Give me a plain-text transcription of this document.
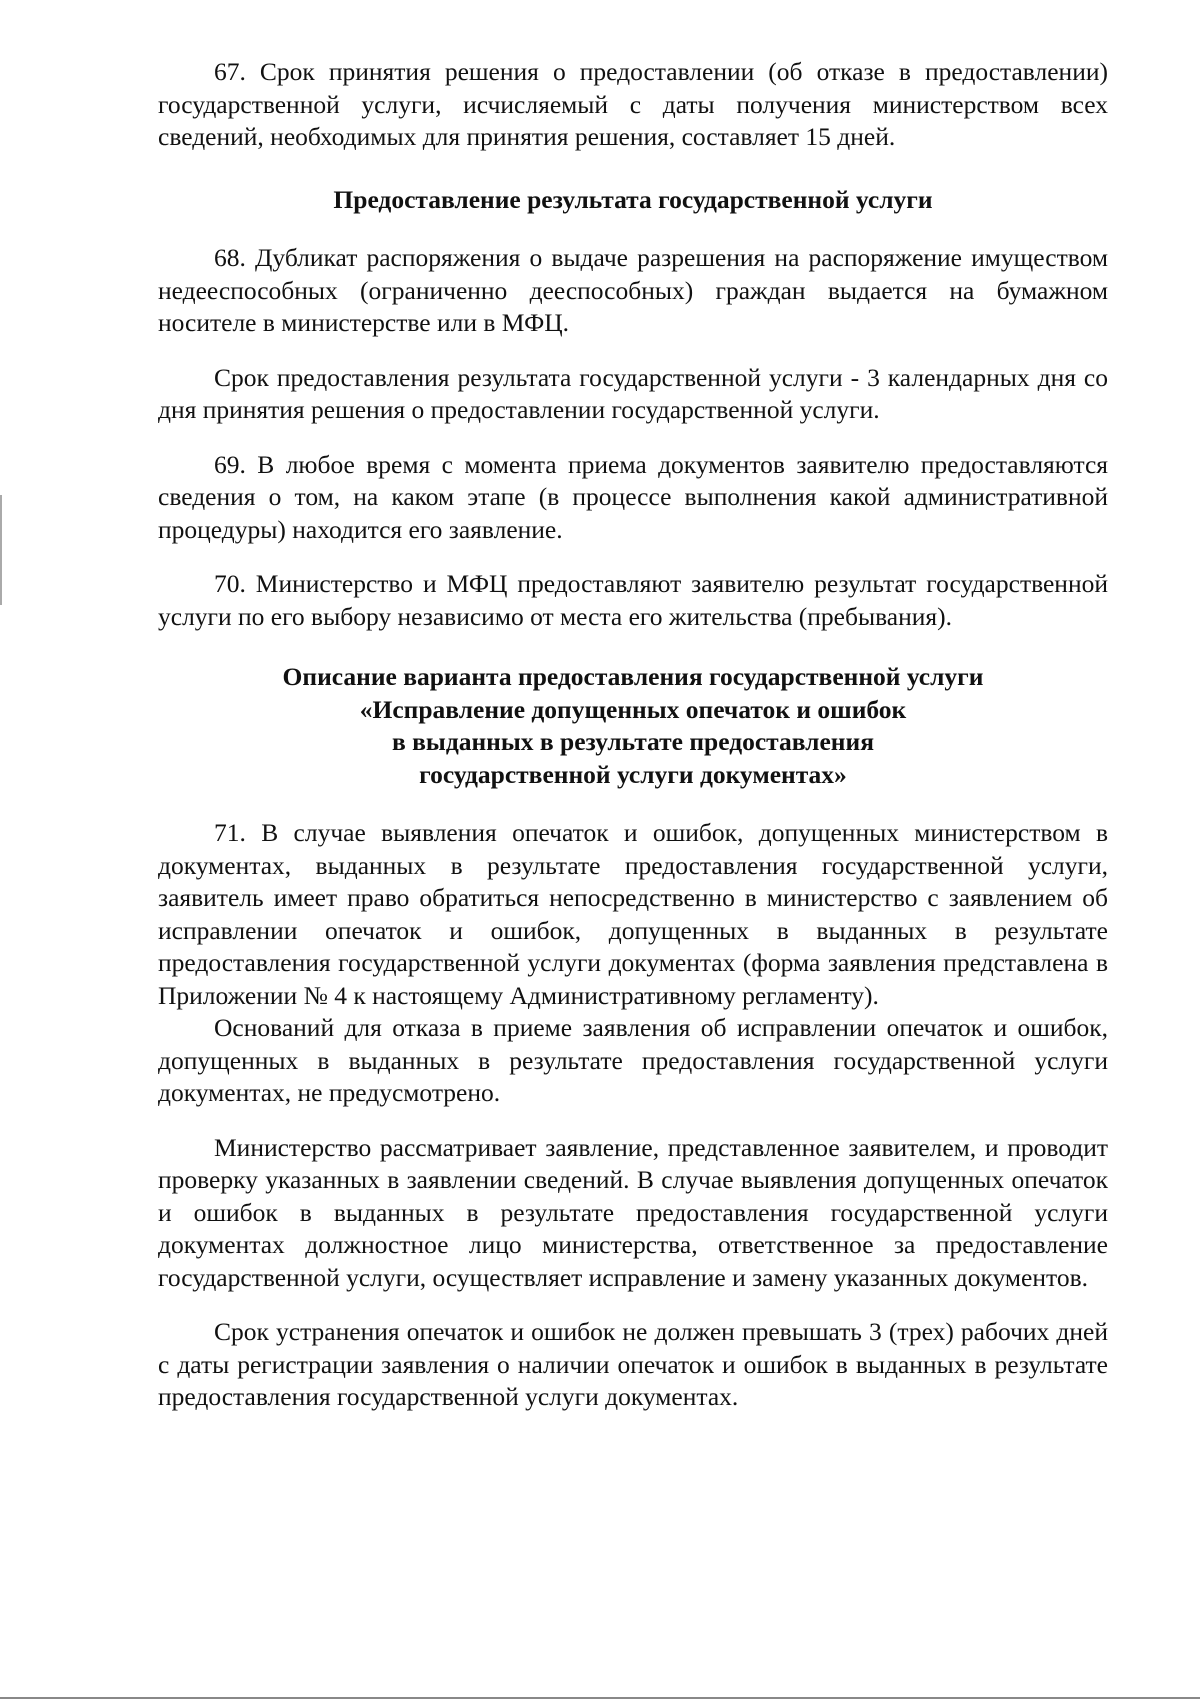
67. Срок принятия решения о предоставлении (об отказе в предоставлении) государственной услуги, исчисляемый с даты получения министерством всех сведений, необходимых для принятия решения, составляет 15 дней.

Предоставление результата государственной услуги

68. Дубликат распоряжения о выдаче разрешения на распоряжение имуществом недееспособных (ограниченно дееспособных) граждан выдается на бумажном носителе в министерстве или в МФЦ.

Срок предоставления результата государственной услуги - 3 календарных дня со дня принятия решения о предоставлении государственной услуги.

69. В любое время с момента приема документов заявителю предоставляются сведения о том, на каком этапе (в процессе выполнения какой административной процедуры) находится его заявление.

70. Министерство и МФЦ предоставляют заявителю результат государственной услуги по его выбору независимо от места его жительства (пребывания).

Описание варианта предоставления государственной услуги
«Исправление допущенных опечаток и ошибок
в выданных в результате предоставления
государственной услуги документах»

71. В случае выявления опечаток и ошибок, допущенных министерством в документах, выданных в результате предоставления государственной услуги, заявитель имеет право обратиться непосредственно в министерство с заявлением об исправлении опечаток и ошибок, допущенных в выданных в результате предоставления государственной услуги документах (форма заявления представлена в Приложении № 4 к настоящему Административному регламенту).

Оснований для отказа в приеме заявления об исправлении опечаток и ошибок, допущенных в выданных в результате предоставления государственной услуги документах, не предусмотрено.

Министерство рассматривает заявление, представленное заявителем, и проводит проверку указанных в заявлении сведений. В случае выявления допущенных опечаток и ошибок в выданных в результате предоставления государственной услуги документах должностное лицо министерства, ответственное за предоставление государственной услуги, осуществляет исправление и замену указанных документов.

Срок устранения опечаток и ошибок не должен превышать 3 (трех) рабочих дней с даты регистрации заявления о наличии опечаток и ошибок в выданных в результате предоставления государственной услуги документах.
